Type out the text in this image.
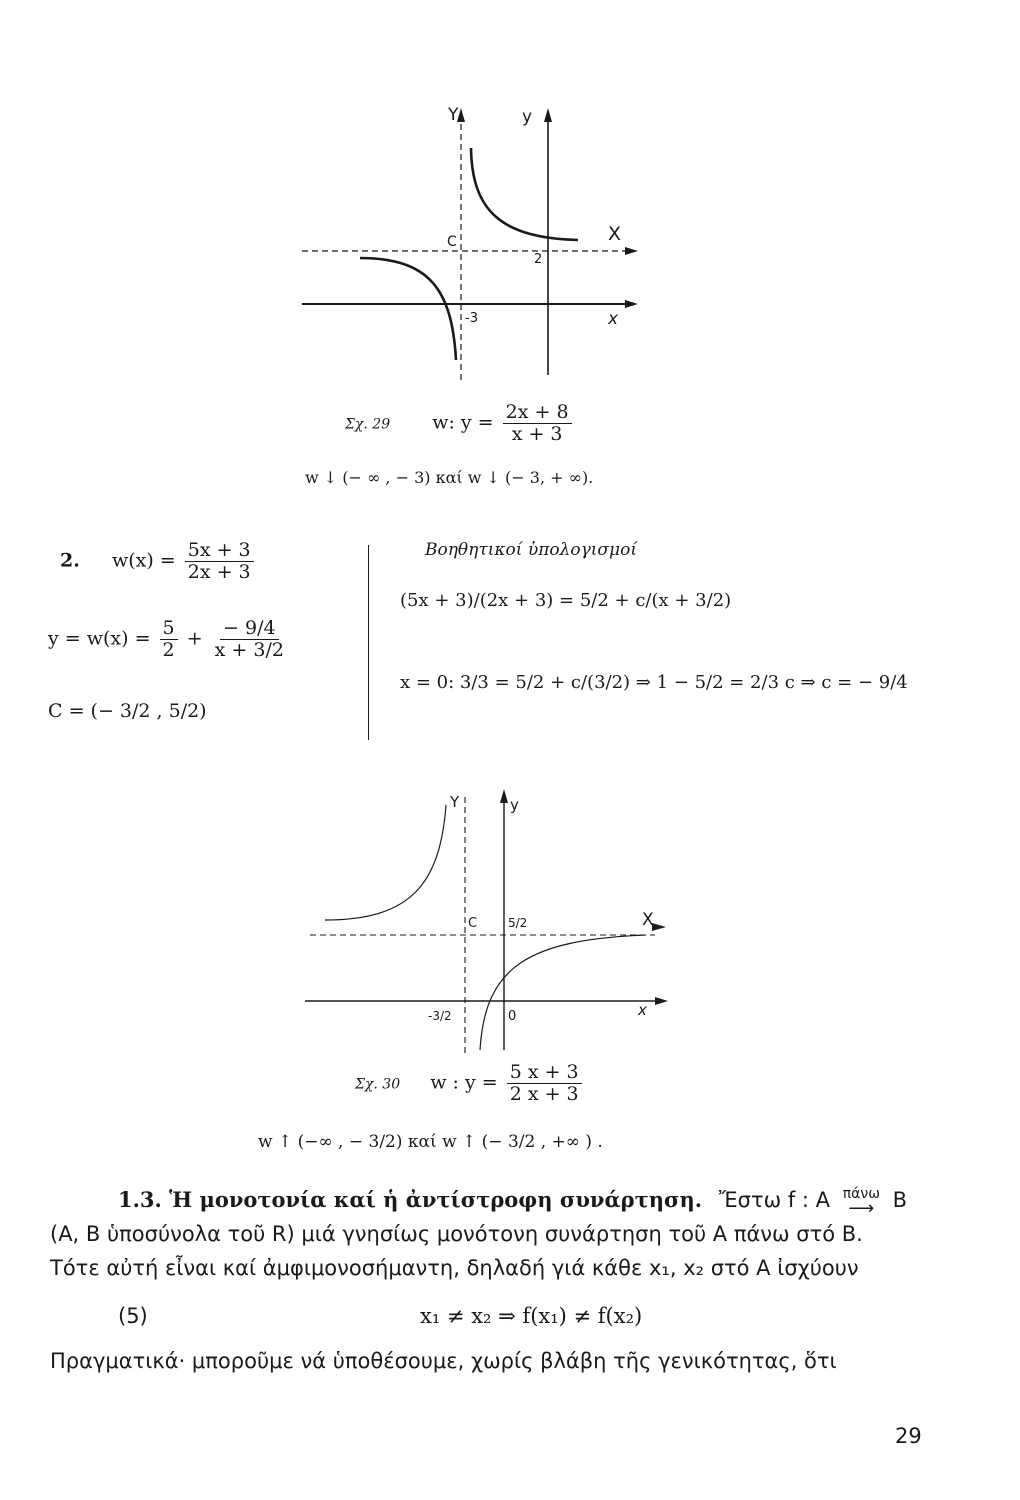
Y	y
X
x
C
2
-3
Σχ. 29 w: $y = \frac{2x + 8}{x + 3}$
w ↓ (− ∞ , − 3) καί w ↓ (− 3, + ∞).
2. $w(x) = \frac{5x + 3}{2x + 3}$
$y = w(x) = \frac{5}{2} + \frac{- 9/4}{x + 3/2}$
C = (− 3/2 , 5/2)
Βοηθητικοί ὑπολογισμοί
(5x + 3)/(2x + 3) = 5/2 + c/(x + 3/2)
x = 0: 3/3 = 5/2 + c/(3/2) ⇒ 1 − 5/2 = 2/3 c ⇒ c = − 9/4
Y	y
X
x
C	5/2
-3/2	0
Σχ. 30 w : $y = \frac{5 x + 3}{2 x + 3}$
w ↑ (−∞ , − 3/2) καί w ↑ (− 3/2 , +∞ ) .
1.3. Ἡ μονοτονία καί ἡ ἀντίστροφη συνάρτηση. Ἔστω f : A πάνω
⟶ B
(A, B ὑποσύνολα τοῦ R) μιά γνησίως μονότονη συνάρτηση τοῦ A πάνω στό B.
Τότε αὐτή εἶναι καί ἀμφιμονοσήμαντη, δηλαδή γιά κάθε x₁, x₂ στό A ἰσχύουν
(5)	x₁ ≠ x₂ ⇒ f(x₁) ≠ f(x₂)
Πραγματικά· μποροῦμε νά ὑποθέσουμε, χωρίς βλάβη τῆς γενικότητας, ὅτι
29
